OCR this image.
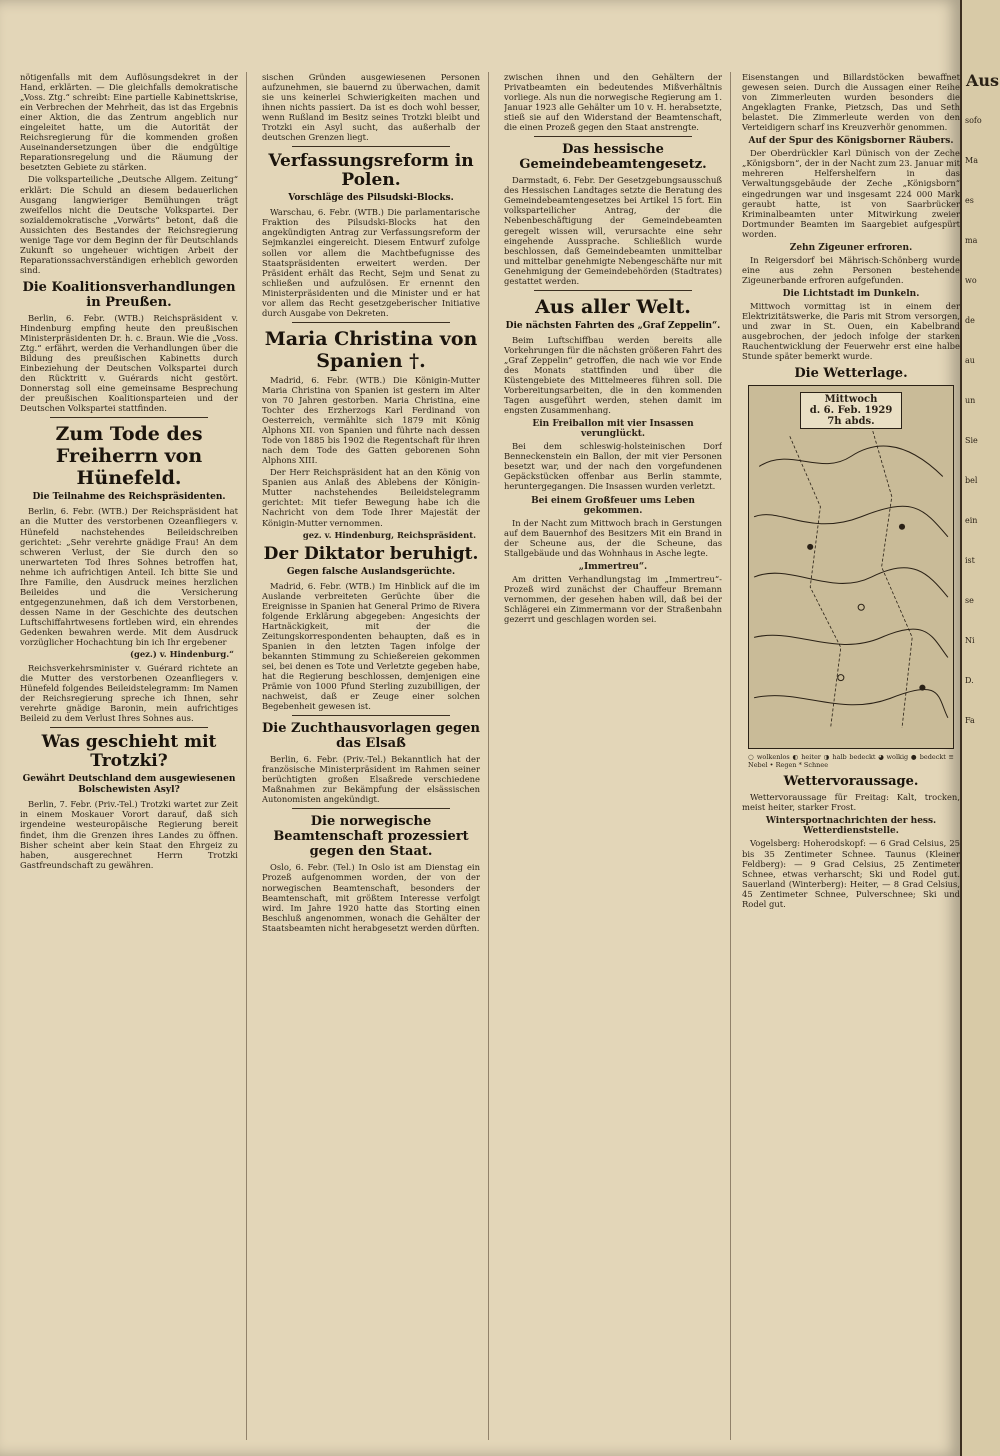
nötigenfalls mit dem Auflösungsdekret in der Hand, erklärten. — Die gleichfalls demokratische „Voss. Ztg.“ schreibt: Eine partielle Kabinettskrise, ein Verbrechen der Mehrheit, das ist das Ergebnis einer Aktion, die das Zentrum angeblich nur eingeleitet hatte, um die Autorität der Reichsregierung für die kommenden großen Auseinandersetzungen über die endgültige Reparationsregelung und die Räumung der besetzten Gebiete zu stärken.

Die volksparteiliche „Deutsche Allgem. Zeitung“ erklärt: Die Schuld an diesem bedauerlichen Ausgang langwieriger Bemühungen trägt zweifellos nicht die Deutsche Volkspartei. Der sozialdemokratische „Vorwärts“ betont, daß die Aussichten des Bestandes der Reichsregierung wenige Tage vor dem Beginn der für Deutschlands Zukunft so ungeheuer wichtigen Arbeit der Reparationssachverständigen erheblich geworden sind.

Die Koalitionsverhandlungen in Preußen.

Berlin, 6. Febr. (WTB.) Reichspräsident v. Hindenburg empfing heute den preußischen Ministerpräsidenten Dr. h. c. Braun. Wie die „Voss. Ztg.“ erfährt, werden die Verhandlungen über die Bildung des preußischen Kabinetts durch Einbeziehung der Deutschen Volkspartei durch den Rücktritt v. Guérards nicht gestört. Donnerstag soll eine gemeinsame Besprechung der preußischen Koalitionsparteien und der Deutschen Volkspartei stattfinden.

Zum Tode des Freiherrn von Hünefeld.
Die Teilnahme des Reichspräsidenten.

Berlin, 6. Febr. (WTB.) Der Reichspräsident hat an die Mutter des verstorbenen Ozeanfliegers v. Hünefeld nachstehendes Beileidschreiben gerichtet: „Sehr verehrte gnädige Frau! An dem schweren Verlust, der Sie durch den so unerwarteten Tod Ihres Sohnes betroffen hat, nehme ich aufrichtigen Anteil. Ich bitte Sie und Ihre Familie, den Ausdruck meines herzlichen Beileides und die Versicherung entgegenzunehmen, daß ich dem Verstorbenen, dessen Name in der Geschichte des deutschen Luftschiffahrtwesens fortleben wird, ein ehrendes Gedenken bewahren werde. Mit dem Ausdruck vorzüglicher Hochachtung bin ich Ihr ergebener

(gez.) v. Hindenburg.“

Reichsverkehrsminister v. Guérard richtete an die Mutter des verstorbenen Ozeanfliegers v. Hünefeld folgendes Beileidstelegramm: Im Namen der Reichsregierung spreche ich Ihnen, sehr verehrte gnädige Baronin, mein aufrichtiges Beileid zu dem Verlust Ihres Sohnes aus.

Was geschieht mit Trotzki?
Gewährt Deutschland dem ausgewiesenen Bolschewisten Asyl?

Berlin, 7. Febr. (Priv.-Tel.) Trotzki wartet zur Zeit in einem Moskauer Vorort darauf, daß sich irgendeine westeuropäische Regierung bereit findet, ihm die Grenzen ihres Landes zu öffnen. Bisher scheint aber kein Staat den Ehrgeiz zu haben, ausgerechnet Herrn Trotzki Gastfreundschaft zu gewähren.

sischen Gründen ausgewiesenen Personen aufzunehmen, sie bauernd zu überwachen, damit sie uns keinerlei Schwierigkeiten machen und ihnen nichts passiert. Da ist es doch wohl besser, wenn Rußland im Besitz seines Trotzki bleibt und Trotzki ein Asyl sucht, das außerhalb der deutschen Grenzen liegt.

Verfassungsreform in Polen.
Vorschläge des Pilsudski-Blocks.

Warschau, 6. Febr. (WTB.) Die parlamentarische Fraktion des Pilsudski-Blocks hat den angekündigten Antrag zur Verfassungsreform der Sejmkanzlei eingereicht. Diesem Entwurf zufolge sollen vor allem die Machtbefugnisse des Staatspräsidenten erweitert werden. Der Präsident erhält das Recht, Sejm und Senat zu schließen und aufzulösen. Er ernennt den Ministerpräsidenten und die Minister und er hat vor allem das Recht gesetzgeberischer Initiative durch Ausgabe von Dekreten.

Maria Christina von Spanien †.

Madrid, 6. Febr. (WTB.) Die Königin-Mutter Maria Christina von Spanien ist gestern im Alter von 70 Jahren gestorben. Maria Christina, eine Tochter des Erzherzogs Karl Ferdinand von Oesterreich, vermählte sich 1879 mit König Alphons XII. von Spanien und führte nach dessen Tode von 1885 bis 1902 die Regentschaft für ihren nach dem Tode des Gatten geborenen Sohn Alphons XIII.

Der Herr Reichspräsident hat an den König von Spanien aus Anlaß des Ablebens der Königin-Mutter nachstehendes Beileidstelegramm gerichtet: Mit tiefer Bewegung habe ich die Nachricht von dem Tode Ihrer Majestät der Königin-Mutter vernommen.

gez. v. Hindenburg, Reichspräsident.
Der Diktator beruhigt.
Gegen falsche Auslandsgerüchte.

Madrid, 6. Febr. (WTB.) Im Hinblick auf die im Auslande verbreiteten Gerüchte über die Ereignisse in Spanien hat General Primo de Rivera folgende Erklärung abgegeben: Angesichts der Hartnäckigkeit, mit der die Zeitungskorrespondenten behaupten, daß es in Spanien in den letzten Tagen infolge der bekannten Stimmung zu Schießereien gekommen sei, bei denen es Tote und Verletzte gegeben habe, hat die Regierung beschlossen, demjenigen eine Prämie von 1000 Pfund Sterling zuzubilligen, der nachweist, daß er Zeuge einer solchen Begebenheit gewesen ist.

Die Zuchthausvorlagen gegen das Elsaß

Berlin, 6. Febr. (Priv.-Tel.) Bekanntlich hat der französische Ministerpräsident im Rahmen seiner berüchtigten großen Elsaßrede verschiedene Maßnahmen zur Bekämpfung der elsässischen Autonomisten angekündigt.

Die norwegische Beamtenschaft prozessiert gegen den Staat.

Oslo, 6. Febr. (Tel.) In Oslo ist am Dienstag ein Prozeß aufgenommen worden, der von der norwegischen Beamtenschaft, besonders der Beamtenschaft, mit größtem Interesse verfolgt wird. Im Jahre 1920 hatte das Storting einen Beschluß angenommen, wonach die Gehälter der Staatsbeamten nicht herabgesetzt werden dürften.

zwischen ihnen und den Gehältern der Privatbeamten ein bedeutendes Mißverhältnis vorliege. Als nun die norwegische Regierung am 1. Januar 1923 alle Gehälter um 10 v. H. herabsetzte, stieß sie auf den Widerstand der Beamtenschaft, die einen Prozeß gegen den Staat anstrengte.

Das hessische Gemeindebeamtengesetz.

Darmstadt, 6. Febr. Der Gesetzgebungsausschuß des Hessischen Landtages setzte die Beratung des Gemeindebeamtengesetzes bei Artikel 15 fort. Ein volksparteilicher Antrag, der die Nebenbeschäftigung der Gemeindebeamten geregelt wissen will, verursachte eine sehr eingehende Aussprache. Schließlich wurde beschlossen, daß Gemeindebeamten unmittelbar und mittelbar genehmigte Nebengeschäfte nur mit Genehmigung der Gemeindebehörden (Stadtrates) gestattet werden.

Aus aller Welt.
Die nächsten Fahrten des „Graf Zeppelin“.

Beim Luftschiffbau werden bereits alle Vorkehrungen für die nächsten größeren Fahrt des „Graf Zeppelin“ getroffen, die nach wie vor Ende des Monats stattfinden und über die Küstengebiete des Mittelmeeres führen soll. Die Vorbereitungsarbeiten, die in den kommenden Tagen ausgeführt werden, stehen damit im engsten Zusammenhang.

Ein Freiballon mit vier Insassen verunglückt.

Bei dem schleswig-holsteinischen Dorf Benneckenstein ein Ballon, der mit vier Personen besetzt war, und der nach den vorgefundenen Gepäckstücken offenbar aus Berlin stammte, heruntergegangen. Die Insassen wurden verletzt.

Bei einem Großfeuer ums Leben gekommen.

In der Nacht zum Mittwoch brach in Gerstungen auf dem Bauernhof des Besitzers Mit ein Brand in der Scheune aus, der die Scheune, das Stallgebäude und das Wohnhaus in Asche legte.

„Immertreu“.

Am dritten Verhandlungstag im „Immertreu“-Prozeß wird zunächst der Chauffeur Bremann vernommen, der gesehen haben will, daß bei der Schlägerei ein Zimmermann vor der Straßenbahn gezerrt und geschlagen worden sei.

Eisenstangen und Billardstöcken bewaffnet gewesen seien. Durch die Aussagen einer Reihe von Zimmerleuten wurden besonders die Angeklagten Franke, Pietzsch, Das und Seth belastet. Die Zimmerleute werden von den Verteidigern scharf ins Kreuzverhör genommen.

Auf der Spur des Königsborner Räubers.

Der Oberdrückler Karl Dünisch von der Zeche „Königsborn“, der in der Nacht zum 23. Januar mit mehreren Helfershelfern in das Verwaltungsgebäude der Zeche „Königsborn“ eingedrungen war und insgesamt 224 000 Mark geraubt hatte, ist von Saarbrücker Kriminalbeamten unter Mitwirkung zweier Dortmunder Beamten im Saargebiet aufgespürt worden.

Zehn Zigeuner erfroren.

In Reigersdorf bei Mährisch-Schönberg wurde eine aus zehn Personen bestehende Zigeunerbande erfroren aufgefunden.

Die Lichtstadt im Dunkeln.

Mittwoch vormittag ist in einem der Elektrizitätswerke, die Paris mit Strom versorgen, und zwar in St. Ouen, ein Kabelbrand ausgebrochen, der jedoch infolge der starken Rauchentwicklung der Feuerwehr erst eine halbe Stunde später bemerkt wurde.

Die Wetterlage.
Mittwoch
d. 6. Feb. 1929 7h abds.
○ wolkenlos ◐ heiter ◑ halb bedeckt ◕ wolkig ● bedeckt ≡ Nebel • Regen * Schnee
Wettervoraussage.

Wettervoraussage für Freitag: Kalt, trocken, meist heiter, starker Frost.

Wintersportnachrichten der hess. Wetterdienststelle.

Vogelsberg: Hoherodskopf: — 6 Grad Celsius, 25 bis 35 Zentimeter Schnee. Taunus (Kleiner Feldberg): — 9 Grad Celsius, 25 Zentimeter Schnee, etwas verharscht; Ski und Rodel gut. Sauerland (Winterberg): Heiter, — 8 Grad Celsius, 45 Zentimeter Schnee, Pulverschnee; Ski und Rodel gut.

Aus
sofo
Ma
es
ma
wo
de
au
un
Sie
bel
ein
ist
se
Ni
D.
Fa
